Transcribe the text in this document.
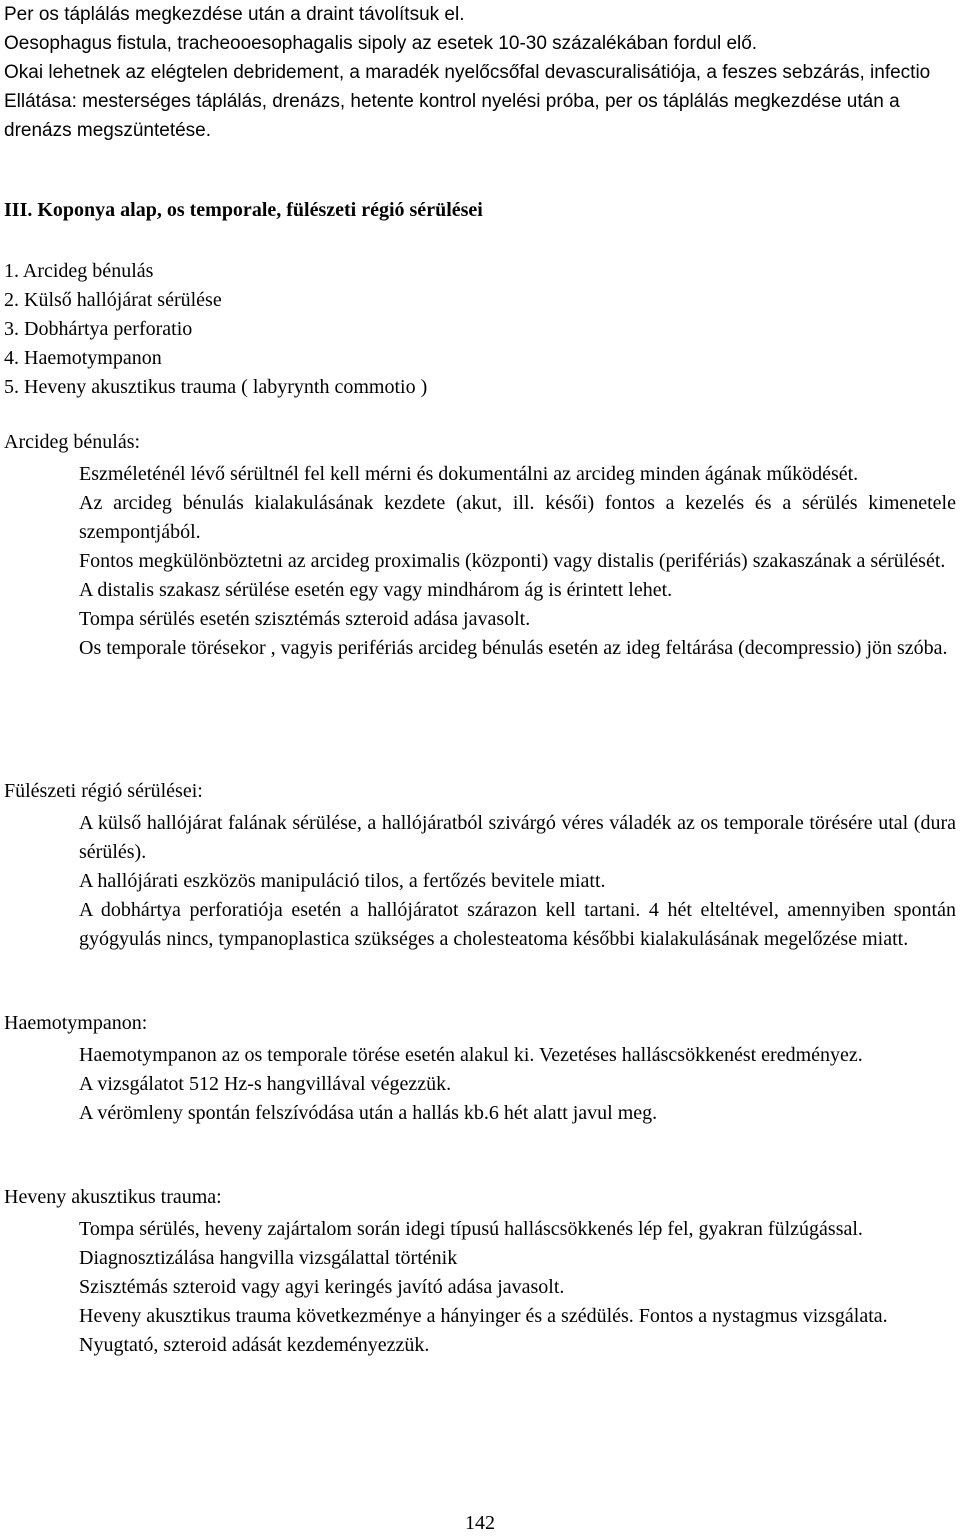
Per os táplálás megkezdése után a draint távolítsuk el.

Oesophagus fistula, tracheooesophagalis sipoly az esetek 10-30 százalékában fordul elő.

Okai lehetnek az elégtelen debridement, a maradék nyelőcsőfal devascuralisátiója, a feszes sebzárás, infectio

Ellátása: mesterséges táplálás, drenázs, hetente kontrol nyelési próba, per os táplálás megkezdése után a drenázs megszüntetése.

III. Koponya alap, os temporale, fülészeti régió sérülései
1. Arcideg bénulás
2. Külső hallójárat sérülése
3. Dobhártya perforatio
4. Haemotympanon
5. Heveny akusztikus trauma ( labyrynth commotio )
Arcideg bénulás:

Eszméleténél lévő sérültnél fel kell mérni és dokumentálni az arcideg minden ágának működését.

Az arcideg bénulás kialakulásának kezdete (akut, ill. késői) fontos a kezelés és a sérülés kimenetele szempontjából.

Fontos megkülönböztetni az arcideg proximalis (központi) vagy distalis (perifériás) szakaszának a sérülését.

A distalis szakasz sérülése esetén egy vagy mindhárom ág is érintett lehet.

Tompa sérülés esetén szisztémás szteroid adása javasolt.

Os temporale törésekor , vagyis perifériás arcideg bénulás esetén az ideg feltárása (decompressio) jön szóba.

Fülészeti régió sérülései:

A külső hallójárat falának sérülése, a hallójáratból szivárgó véres váladék az os temporale törésére utal (dura sérülés).

A hallójárati eszközös manipuláció tilos, a fertőzés bevitele miatt.

A dobhártya perforatiója esetén a hallójáratot szárazon kell tartani. 4 hét elteltével, amennyiben spontán gyógyulás nincs, tympanoplastica szükséges a cholesteatoma későbbi kialakulásának megelőzése miatt.

Haemotympanon:

Haemotympanon az os temporale törése esetén alakul ki. Vezetéses halláscsökkenést eredményez.

A vizsgálatot 512 Hz-s hangvillával végezzük.

A vérömleny spontán felszívódása után a hallás kb.6 hét alatt javul meg.

Heveny akusztikus trauma:

Tompa sérülés, heveny zajártalom során idegi típusú halláscsökkenés lép fel, gyakran fülzúgással.

Diagnosztizálása hangvilla vizsgálattal történik

Szisztémás szteroid vagy agyi keringés javító adása javasolt.

Heveny akusztikus trauma következménye a hányinger és a szédülés. Fontos a nystagmus vizsgálata.

Nyugtató, szteroid adását kezdeményezzük.

142
